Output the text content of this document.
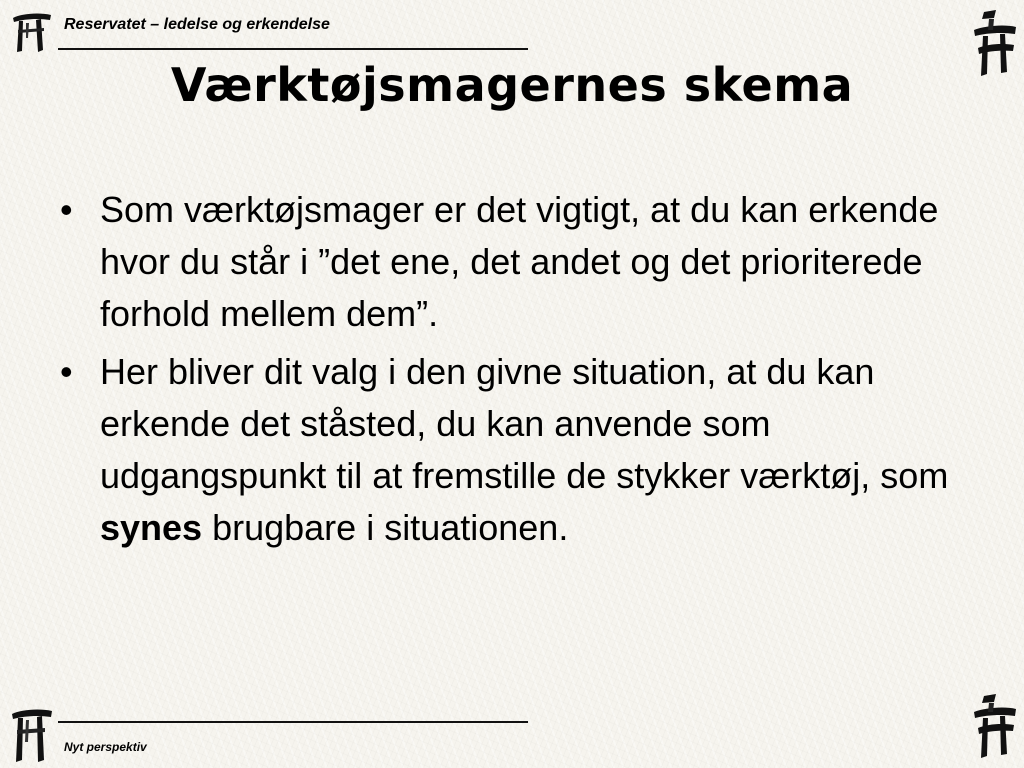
Reservatet – ledelse og erkendelse
Værktøjsmagernes skema
• Som værktøjsmager er det vigtigt, at du kan erkende hvor du står i ”det ene, det andet og det prioriterede forhold mellem dem”.
• Her bliver dit valg i den givne situation, at du kan erkende det ståsted, du kan anvende som udgangspunkt til at fremstille de stykker værktøj, som synes brugbare i situationen.
Nyt perspektiv
